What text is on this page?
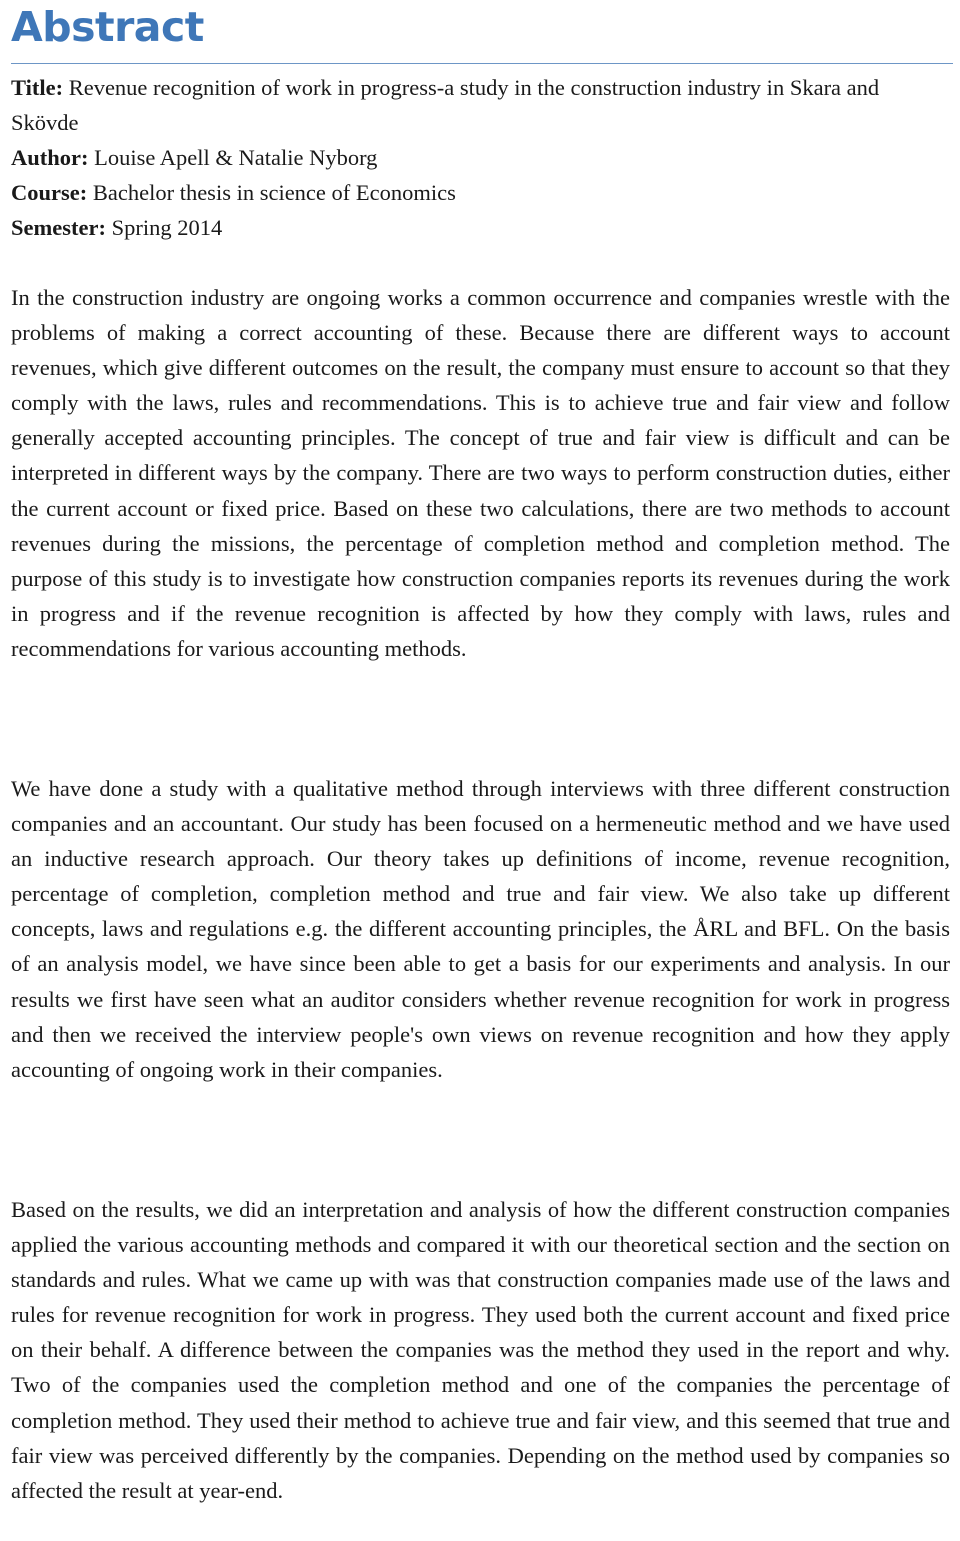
Abstract
Title: Revenue recognition of work in progress-a study in the construction industry in Skara and Skövde
Author: Louise Apell & Natalie Nyborg
Course: Bachelor thesis in science of Economics
Semester: Spring 2014

In the construction industry are ongoing works a common occurrence and companies wrestle with the problems of making a correct accounting of these. Because there are different ways to account revenues, which give different outcomes on the result, the company must ensure to account so that they comply with the laws, rules and recommendations. This is to achieve true and fair view and follow generally accepted accounting principles. The concept of true and fair view is difficult and can be interpreted in different ways by the company. There are two ways to perform construction duties, either the current account or fixed price. Based on these two calculations, there are two methods to account revenues during the missions, the percentage of completion method and completion method. The purpose of this study is to investigate how construction companies reports its revenues during the work in progress and if the revenue recognition is affected by how they comply with laws, rules and recommendations for various accounting methods.

We have done a study with a qualitative method through interviews with three different construction companies and an accountant. Our study has been focused on a hermeneutic method and we have used an inductive research approach. Our theory takes up definitions of income, revenue recognition, percentage of completion, completion method and true and fair view. We also take up different concepts, laws and regulations e.g. the different accounting principles, the ÅRL and BFL. On the basis of an analysis model, we have since been able to get a basis for our experiments and analysis. In our results we first have seen what an auditor considers whether revenue recognition for work in progress and then we received the interview people's own views on revenue recognition and how they apply accounting of ongoing work in their companies.

Based on the results, we did an interpretation and analysis of how the different construction companies applied the various accounting methods and compared it with our theoretical section and the section on standards and rules. What we came up with was that construction companies made use of the laws and rules for revenue recognition for work in progress. They used both the current account and fixed price on their behalf. A difference between the companies was the method they used in the report and why. Two of the companies used the completion method and one of the companies the percentage of completion method. They used their method to achieve true and fair view, and this seemed that true and fair view was perceived differently by the companies. Depending on the method used by companies so affected the result at year-end.
